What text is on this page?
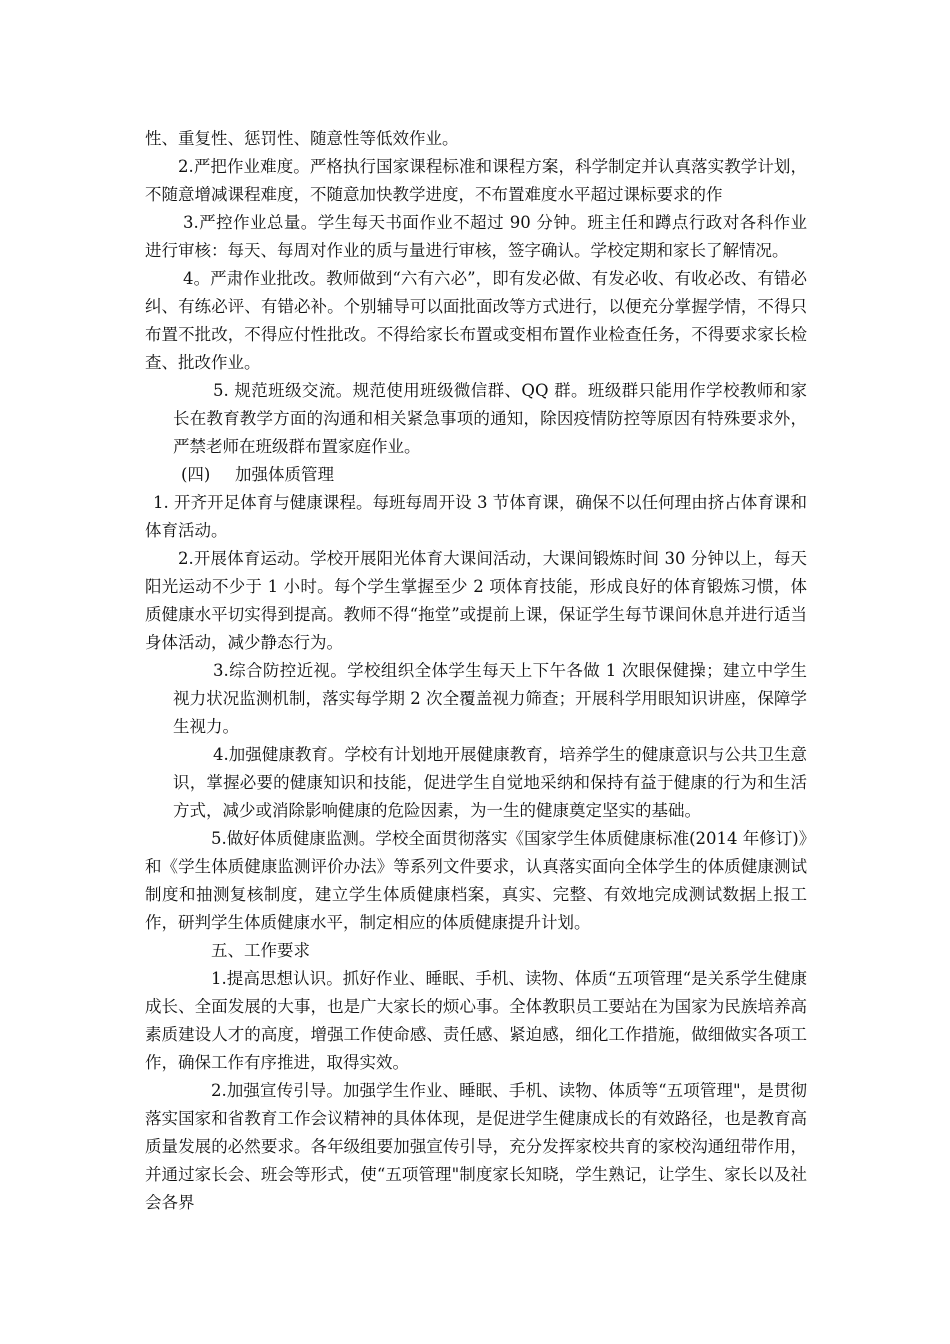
性、重复性、惩罚性、随意性等低效作业。

2.严把作业难度。严格执行国家课程标准和课程方案，科学制定并认真落实教学计划，不随意增减课程难度，不随意加快教学进度，不布置难度水平超过课标要求的作

3.严控作业总量。学生每天书面作业不超过 90 分钟。班主任和蹲点行政对各科作业进行审核：每天、每周对作业的质与量进行审核，签字确认。学校定期和家长了解情况。

4。严肃作业批改。教师做到“六有六必”，即有发必做、有发必收、有收必改、有错必纠、有练必评、有错必补。个别辅导可以面批面改等方式进行，以便充分掌握学情，不得只布置不批改，不得应付性批改。不得给家长布置或变相布置作业检查任务，不得要求家长检查、批改作业。

5. 规范班级交流。规范使用班级微信群、QQ 群。班级群只能用作学校教师和家长在教育教学方面的沟通和相关紧急事项的通知，除因疫情防控等原因有特殊要求外，严禁老师在班级群布置家庭作业。

(四) 加强体质管理

1. 开齐开足体育与健康课程。每班每周开设 3 节体育课，确保不以任何理由挤占体育课和体育活动。

2.开展体育运动。学校开展阳光体育大课间活动，大课间锻炼时间 30 分钟以上，每天阳光运动不少于 1 小时。每个学生掌握至少 2 项体育技能，形成良好的体育锻炼习惯，体质健康水平切实得到提高。教师不得“拖堂”或提前上课，保证学生每节课间休息并进行适当身体活动，减少静态行为。

3.综合防控近视。学校组织全体学生每天上下午各做 1 次眼保健操；建立中学生视力状况监测机制，落实每学期 2 次全覆盖视力筛查；开展科学用眼知识讲座，保障学生视力。

4.加强健康教育。学校有计划地开展健康教育，培养学生的健康意识与公共卫生意识，掌握必要的健康知识和技能，促进学生自觉地采纳和保持有益于健康的行为和生活方式，减少或消除影响健康的危险因素，为一生的健康奠定坚实的基础。

5.做好体质健康监测。学校全面贯彻落实《国家学生体质健康标准(2014 年修订)》和《学生体质健康监测评价办法》等系列文件要求，认真落实面向全体学生的体质健康测试制度和抽测复核制度，建立学生体质健康档案，真实、完整、有效地完成测试数据上报工作，研判学生体质健康水平，制定相应的体质健康提升计划。

五、工作要求

1.提高思想认识。抓好作业、睡眠、手机、读物、体质“五项管理“是关系学生健康成长、全面发展的大事，也是广大家长的烦心事。全体教职员工要站在为国家为民族培养高素质建设人才的高度，增强工作使命感、责任感、紧迫感，细化工作措施，做细做实各项工作，确保工作有序推进，取得实效。

2.加强宣传引导。加强学生作业、睡眠、手机、读物、体质等“五项管理"，是贯彻落实国家和省教育工作会议精神的具体体现，是促进学生健康成长的有效路径，也是教育高质量发展的必然要求。各年级组要加强宣传引导，充分发挥家校共育的家校沟通纽带作用，并通过家长会、班会等形式，使“五项管理"制度家长知晓，学生熟记，让学生、家长以及社会各界
